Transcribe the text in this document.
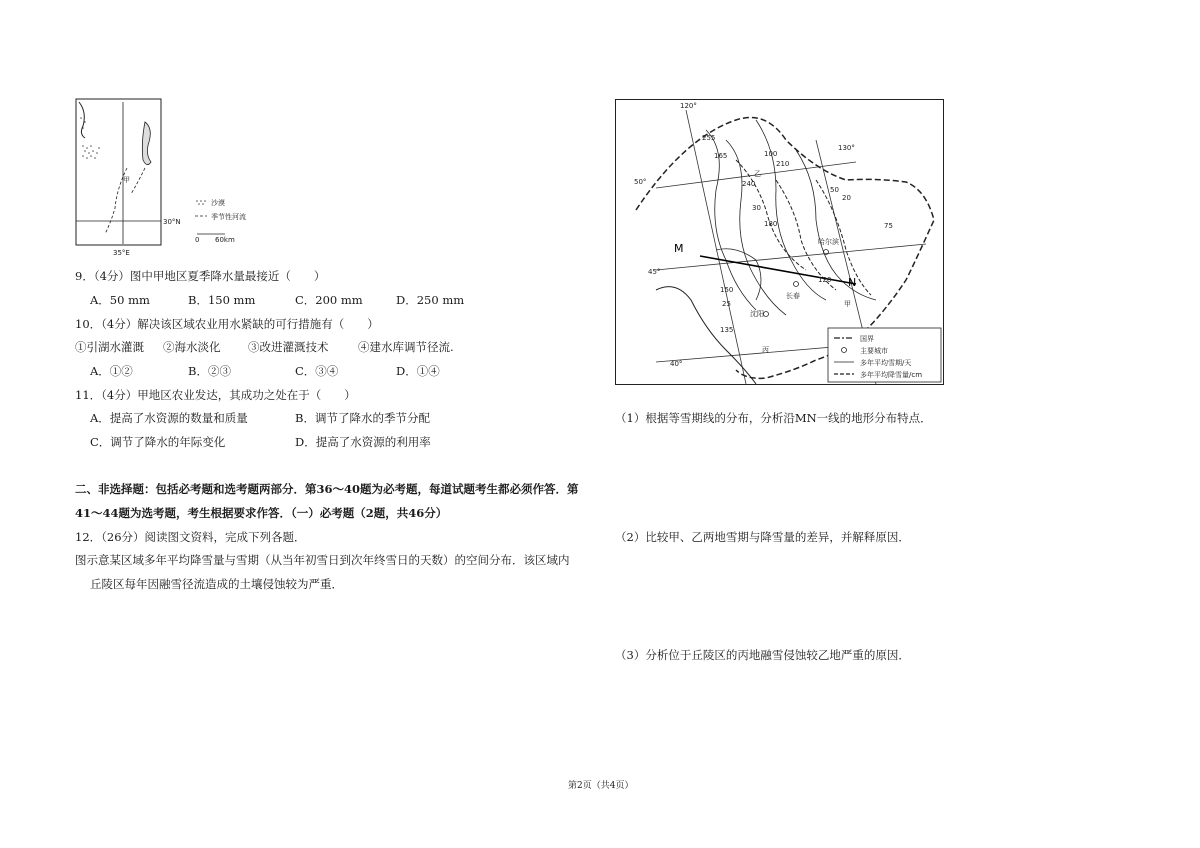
甲
30°N
35°E
沙漠
季节性河流
0 60km
9．（4分）图中甲地区夏季降水量最接近（　　）
A．50 mm	B．150 mm	C．200 mm	D．250 mm
10．（4分）解决该区域农业用水紧缺的可行措施有（　　）
①引湖水灌溉 ②海水淡化 ③改进灌溉技术	④建水库调节径流.
A．①②	B．②③	C．③④	D．①④
11．（4分）甲地区农业发达，其成功之处在于（　　）
A．提高了水资源的数量和质量	B．调节了降水的季节分配
C．调节了降水的年际变化	D．提高了水资源的利用率
二、非选择题：包括必考题和选考题两部分．第36～40题为必考题，每道试题考生都必须作答．第
41～44题为选考题，考生根据要求作答．（一）必考题（2题，共46分）
12．（26分）阅读图文资料，完成下列各题．
图示意某区域多年平均降雪量与雪期（从当年初雪日到次年终雪日的天数）的空间分布．该区域内
丘陵区每年因融雪径流造成的土壤侵蚀较为严重．
120°
130°
50°
45°
40°
M
N
乙
甲
丙
哈尔滨
长春
沈阳
255
165	100
210
30
180	75
20
135
150
25
50
120
240
国界
主要城市
多年平均雪期/天
多年平均降雪量/cm
（1）根据等雪期线的分布，分析沿MN一线的地形分布特点．
（2）比较甲、乙两地雪期与降雪量的差异，并解释原因．
（3）分析位于丘陵区的丙地融雪侵蚀较乙地严重的原因．
第2页（共4页）
